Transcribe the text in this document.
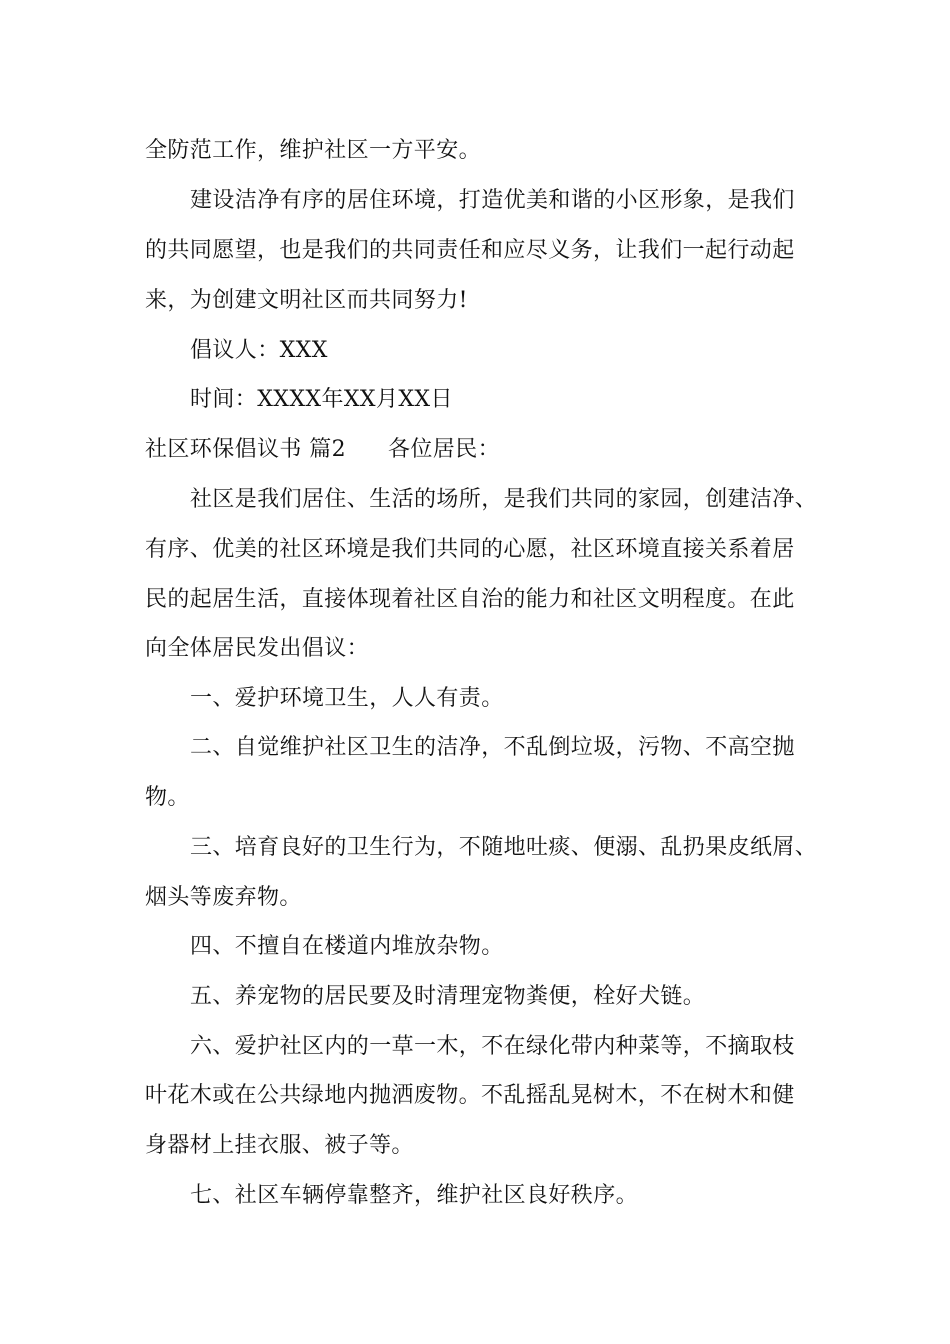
全防范工作，维护社区一方平安。
建设洁净有序的居住环境，打造优美和谐的小区形象，是我们
的共同愿望，也是我们的共同责任和应尽义务，让我们一起行动起
来，为创建文明社区而共同努力!
倡议人：XXX
时间：XXXX年XX月XX日
社区环保倡议书 篇2 各位居民：
社区是我们居住、生活的场所，是我们共同的家园，创建洁净、
有序、优美的社区环境是我们共同的心愿，社区环境直接关系着居
民的起居生活，直接体现着社区自治的能力和社区文明程度。在此
向全体居民发出倡议：
一、爱护环境卫生，人人有责。
二、自觉维护社区卫生的洁净，不乱倒垃圾，污物、不高空抛
物。
三、培育良好的卫生行为，不随地吐痰、便溺、乱扔果皮纸屑、
烟头等废弃物。
四、不擅自在楼道内堆放杂物。
五、养宠物的居民要及时清理宠物粪便，栓好犬链。
六、爱护社区内的一草一木，不在绿化带内种菜等，不摘取枝
叶花木或在公共绿地内抛洒废物。不乱摇乱晃树木，不在树木和健
身器材上挂衣服、被子等。
七、社区车辆停靠整齐，维护社区良好秩序。
